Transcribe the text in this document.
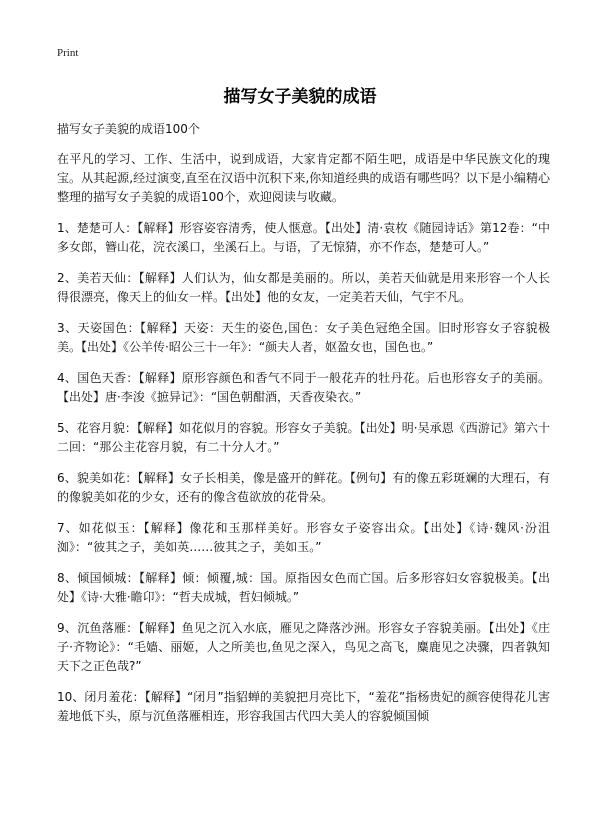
Print
描写女子美貌的成语
描写女子美貌的成语100个

在平凡的学习、工作、生活中，说到成语，大家肯定都不陌生吧，成语是中华民族文化的瑰宝。从其起源,经过演变,直至在汉语中沉积下来,你知道经典的成语有哪些吗？以下是小编精心整理的描写女子美貌的成语100个，欢迎阅读与收藏。

1、楚楚可人：【解释】形容姿容清秀，使人惬意。【出处】清·袁枚《随园诗话》第12卷：“中多女郎，簪山花，浣衣溪口，坐溪石上。与语，了无惊猜，亦不作态，楚楚可人。”

2、美若天仙：【解释】人们认为，仙女都是美丽的。所以，美若天仙就是用来形容一个人长得很漂亮，像天上的仙女一样。【出处】他的女友，一定美若天仙，气宇不凡。

3、天姿国色：【解释】天姿：天生的姿色,国色：女子美色冠绝全国。旧时形容女子容貌极美。【出处】《公羊传·昭公三十一年》：“颜夫人者，妪盈女也，国色也。”

4、国色天香：【解释】原形容颜色和香气不同于一般花卉的牡丹花。后也形容女子的美丽。【出处】唐·李浚《摭异记》：“国色朝酣酒，天香夜染衣。”

5、花容月貌：【解释】如花似月的容貌。形容女子美貌。【出处】明·吴承恩《西游记》第六十二回：“那公主花容月貌，有二十分人才。”

6、貌美如花：【解释】女子长相美，像是盛开的鲜花。【例句】有的像五彩斑斓的大理石，有的像貌美如花的少女，还有的像含苞欲放的花骨朵。

7、如花似玉：【解释】像花和玉那样美好。形容女子姿容出众。【出处】《诗·魏风·汾沮洳》：“彼其之子，美如英……彼其之子，美如玉。”

8、倾国倾城：【解释】倾：倾覆,城：国。原指因女色而亡国。后多形容妇女容貌极美。【出处】《诗·大雅·瞻卬》：“哲夫成城，哲妇倾城。”

9、沉鱼落雁：【解释】鱼见之沉入水底，雁见之降落沙洲。形容女子容貌美丽。【出处】《庄子·齐物论》：“毛嫱、丽姬，人之所美也,鱼见之深入，鸟见之高飞，麋鹿见之决骤，四者孰知天下之正色哉?”

10、闭月羞花：【解释】“闭月”指貂蝉的美貌把月亮比下，“羞花”指杨贵妃的颜容使得花儿害羞地低下头，原与沉鱼落雁相连，形容我国古代四大美人的容貌倾国倾
